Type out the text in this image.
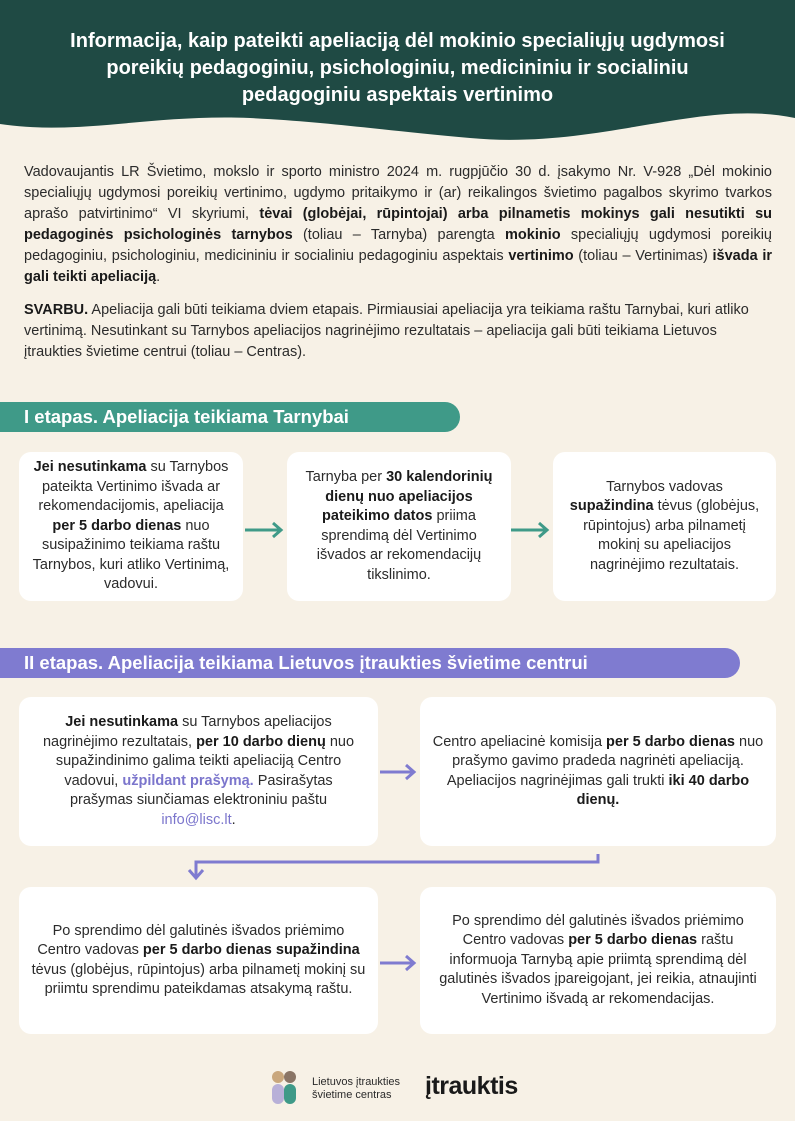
Informacija, kaip pateikti apeliaciją dėl mokinio specialiųjų ugdymosi poreikių pedagoginiu, psichologiniu, medicininiu ir socialiniu pedagoginiu aspektais vertinimo
Vadovaujantis LR Švietimo, mokslo ir sporto ministro 2024 m. rugpjūčio 30 d. įsakymo Nr. V-928 „Dėl mokinio specialiųjų ugdymosi poreikių vertinimo, ugdymo pritaikymo ir (ar) reikalingos švietimo pagalbos skyrimo tvarkos aprašo patvirtinimo“ VI skyriumi, tėvai (globėjai, rūpintojai) arba pilnametis mokinys gali nesutikti su pedagoginės psichologinės tarnybos (toliau – Tarnyba) parengta mokinio specialiųjų ugdymosi poreikių pedagoginiu, psichologiniu, medicininiu ir socialiniu pedagoginiu aspektais vertinimo (toliau – Vertinimas) išvada ir gali teikti apeliaciją.
SVARBU. Apeliacija gali būti teikiama dviem etapais. Pirmiausiai apeliacija yra teikiama raštu Tarnybai, kuri atliko vertinimą. Nesutinkant su Tarnybos apeliacijos nagrinėjimo rezultatais – apeliacija gali būti teikiama Lietuvos įtraukties švietime centrui (toliau – Centras).
I etapas. Apeliacija teikiama Tarnybai
Jei nesutinkama su Tarnybos pateikta Vertinimo išvada ar rekomendacijomis, apeliacija per 5 darbo dienas nuo susipažinimo teikiama raštu Tarnybos, kuri atliko Vertinimą, vadovui.
Tarnyba per 30 kalendorinių dienų nuo apeliacijos pateikimo datos priima sprendimą dėl Vertinimo išvados ar rekomendacijų tikslinimo.
Tarnybos vadovas supažindina tėvus (globėjus, rūpintojus) arba pilnametį mokinį su apeliacijos nagrinėjimo rezultatais.
II etapas. Apeliacija teikiama Lietuvos įtraukties švietime centrui
Jei nesutinkama su Tarnybos apeliacijos nagrinėjimo rezultatais, per 10 darbo dienų nuo supažindinimo galima teikti apeliaciją Centro vadovui, užpildant prašymą. Pasirašytas prašymas siunčiamas elektroniniu paštu info@lisc.lt.
Centro apeliacinė komisija per 5 darbo dienas nuo prašymo gavimo pradeda nagrinėti apeliaciją. Apeliacijos nagrinėjimas gali trukti iki 40 darbo dienų.
Po sprendimo dėl galutinės išvados priėmimo Centro vadovas per 5 darbo dienas supažindina tėvus (globėjus, rūpintojus) arba pilnametį mokinį su priimtu sprendimu pateikdamas atsakymą raštu.
Po sprendimo dėl galutinės išvados priėmimo Centro vadovas per 5 darbo dienas raštu informuoja Tarnybą apie priimtą sprendimą dėl galutinės išvados įpareigojant, jei reikia, atnaujinti Vertinimo išvadą ar rekomendacijas.
Lietuvos įtraukties
švietime centras	įtrauktis
